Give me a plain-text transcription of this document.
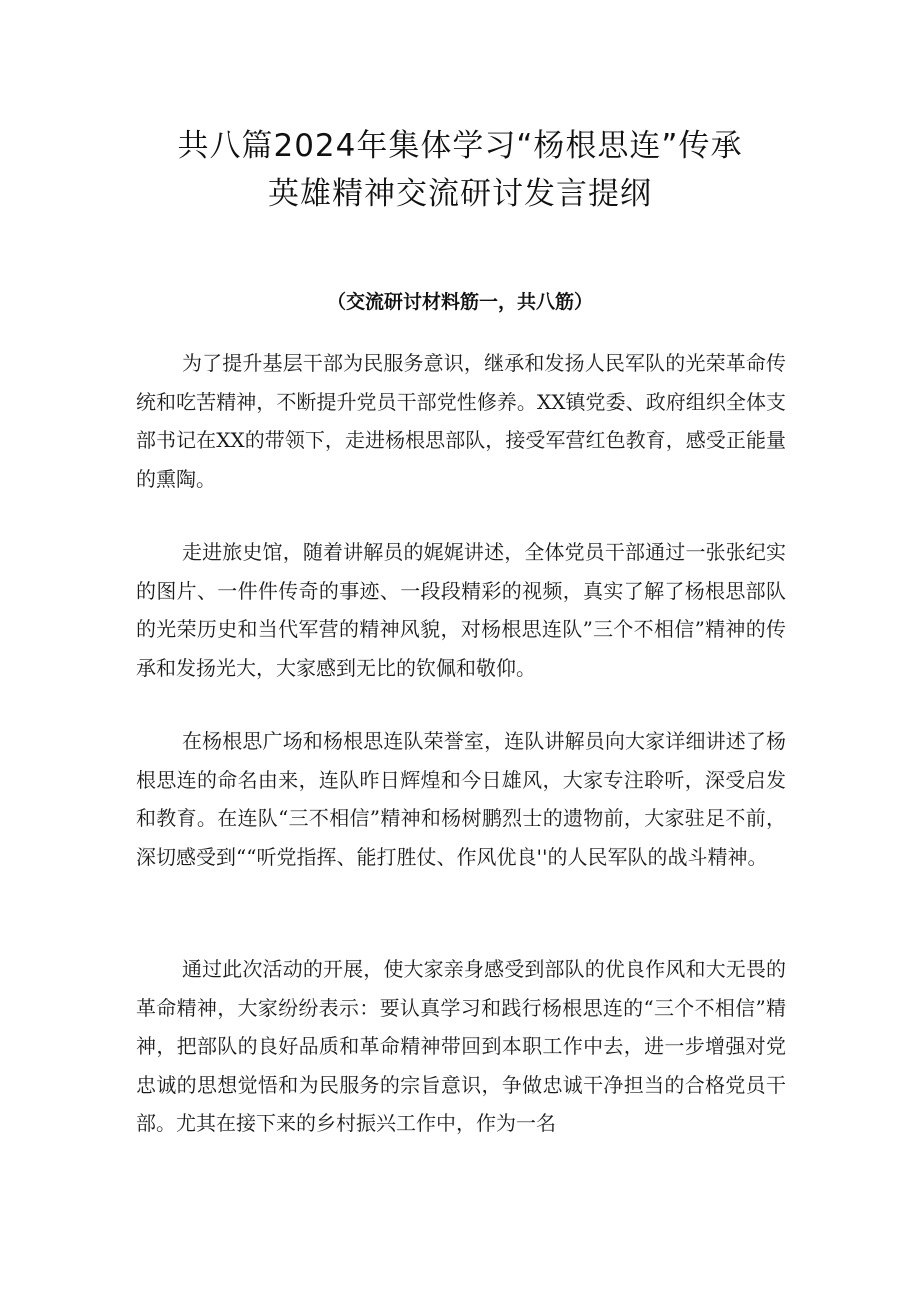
共八篇2024年集体学习“杨根思连”传承
英雄精神交流研讨发言提纲
（交流研讨材料筋一，共八筋）

为了提升基层干部为民服务意识，继承和发扬人民军队的光荣革命传统和吃苦精神，不断提升党员干部党性修养。XX镇党委、政府组织全体支部书记在XX的带领下，走进杨根思部队，接受军营红色教育，感受正能量的熏陶。

走进旅史馆，随着讲解员的娓娓讲述，全体党员干部通过一张张纪实的图片、一件件传奇的事迹、一段段精彩的视频，真实了解了杨根思部队的光荣历史和当代军营的精神风貌，对杨根思连队”三个不相信”精神的传承和发扬光大，大家感到无比的钦佩和敬仰。

在杨根思广场和杨根思连队荣誉室，连队讲解员向大家详细讲述了杨根思连的命名由来，连队昨日辉煌和今日雄风，大家专注聆听，深受启发和教育。在连队“三不相信”精神和杨树鹏烈士的遗物前，大家驻足不前，深切感受到““听党指挥、能打胜仗、作风优良''的人民军队的战斗精神。

通过此次活动的开展，使大家亲身感受到部队的优良作风和大无畏的革命精神，大家纷纷表示：要认真学习和践行杨根思连的“三个不相信”精神，把部队的良好品质和革命精神带回到本职工作中去，进一步增强对党忠诚的思想觉悟和为民服务的宗旨意识，争做忠诚干净担当的合格党员干部。尤其在接下来的乡村振兴工作中，作为一名
